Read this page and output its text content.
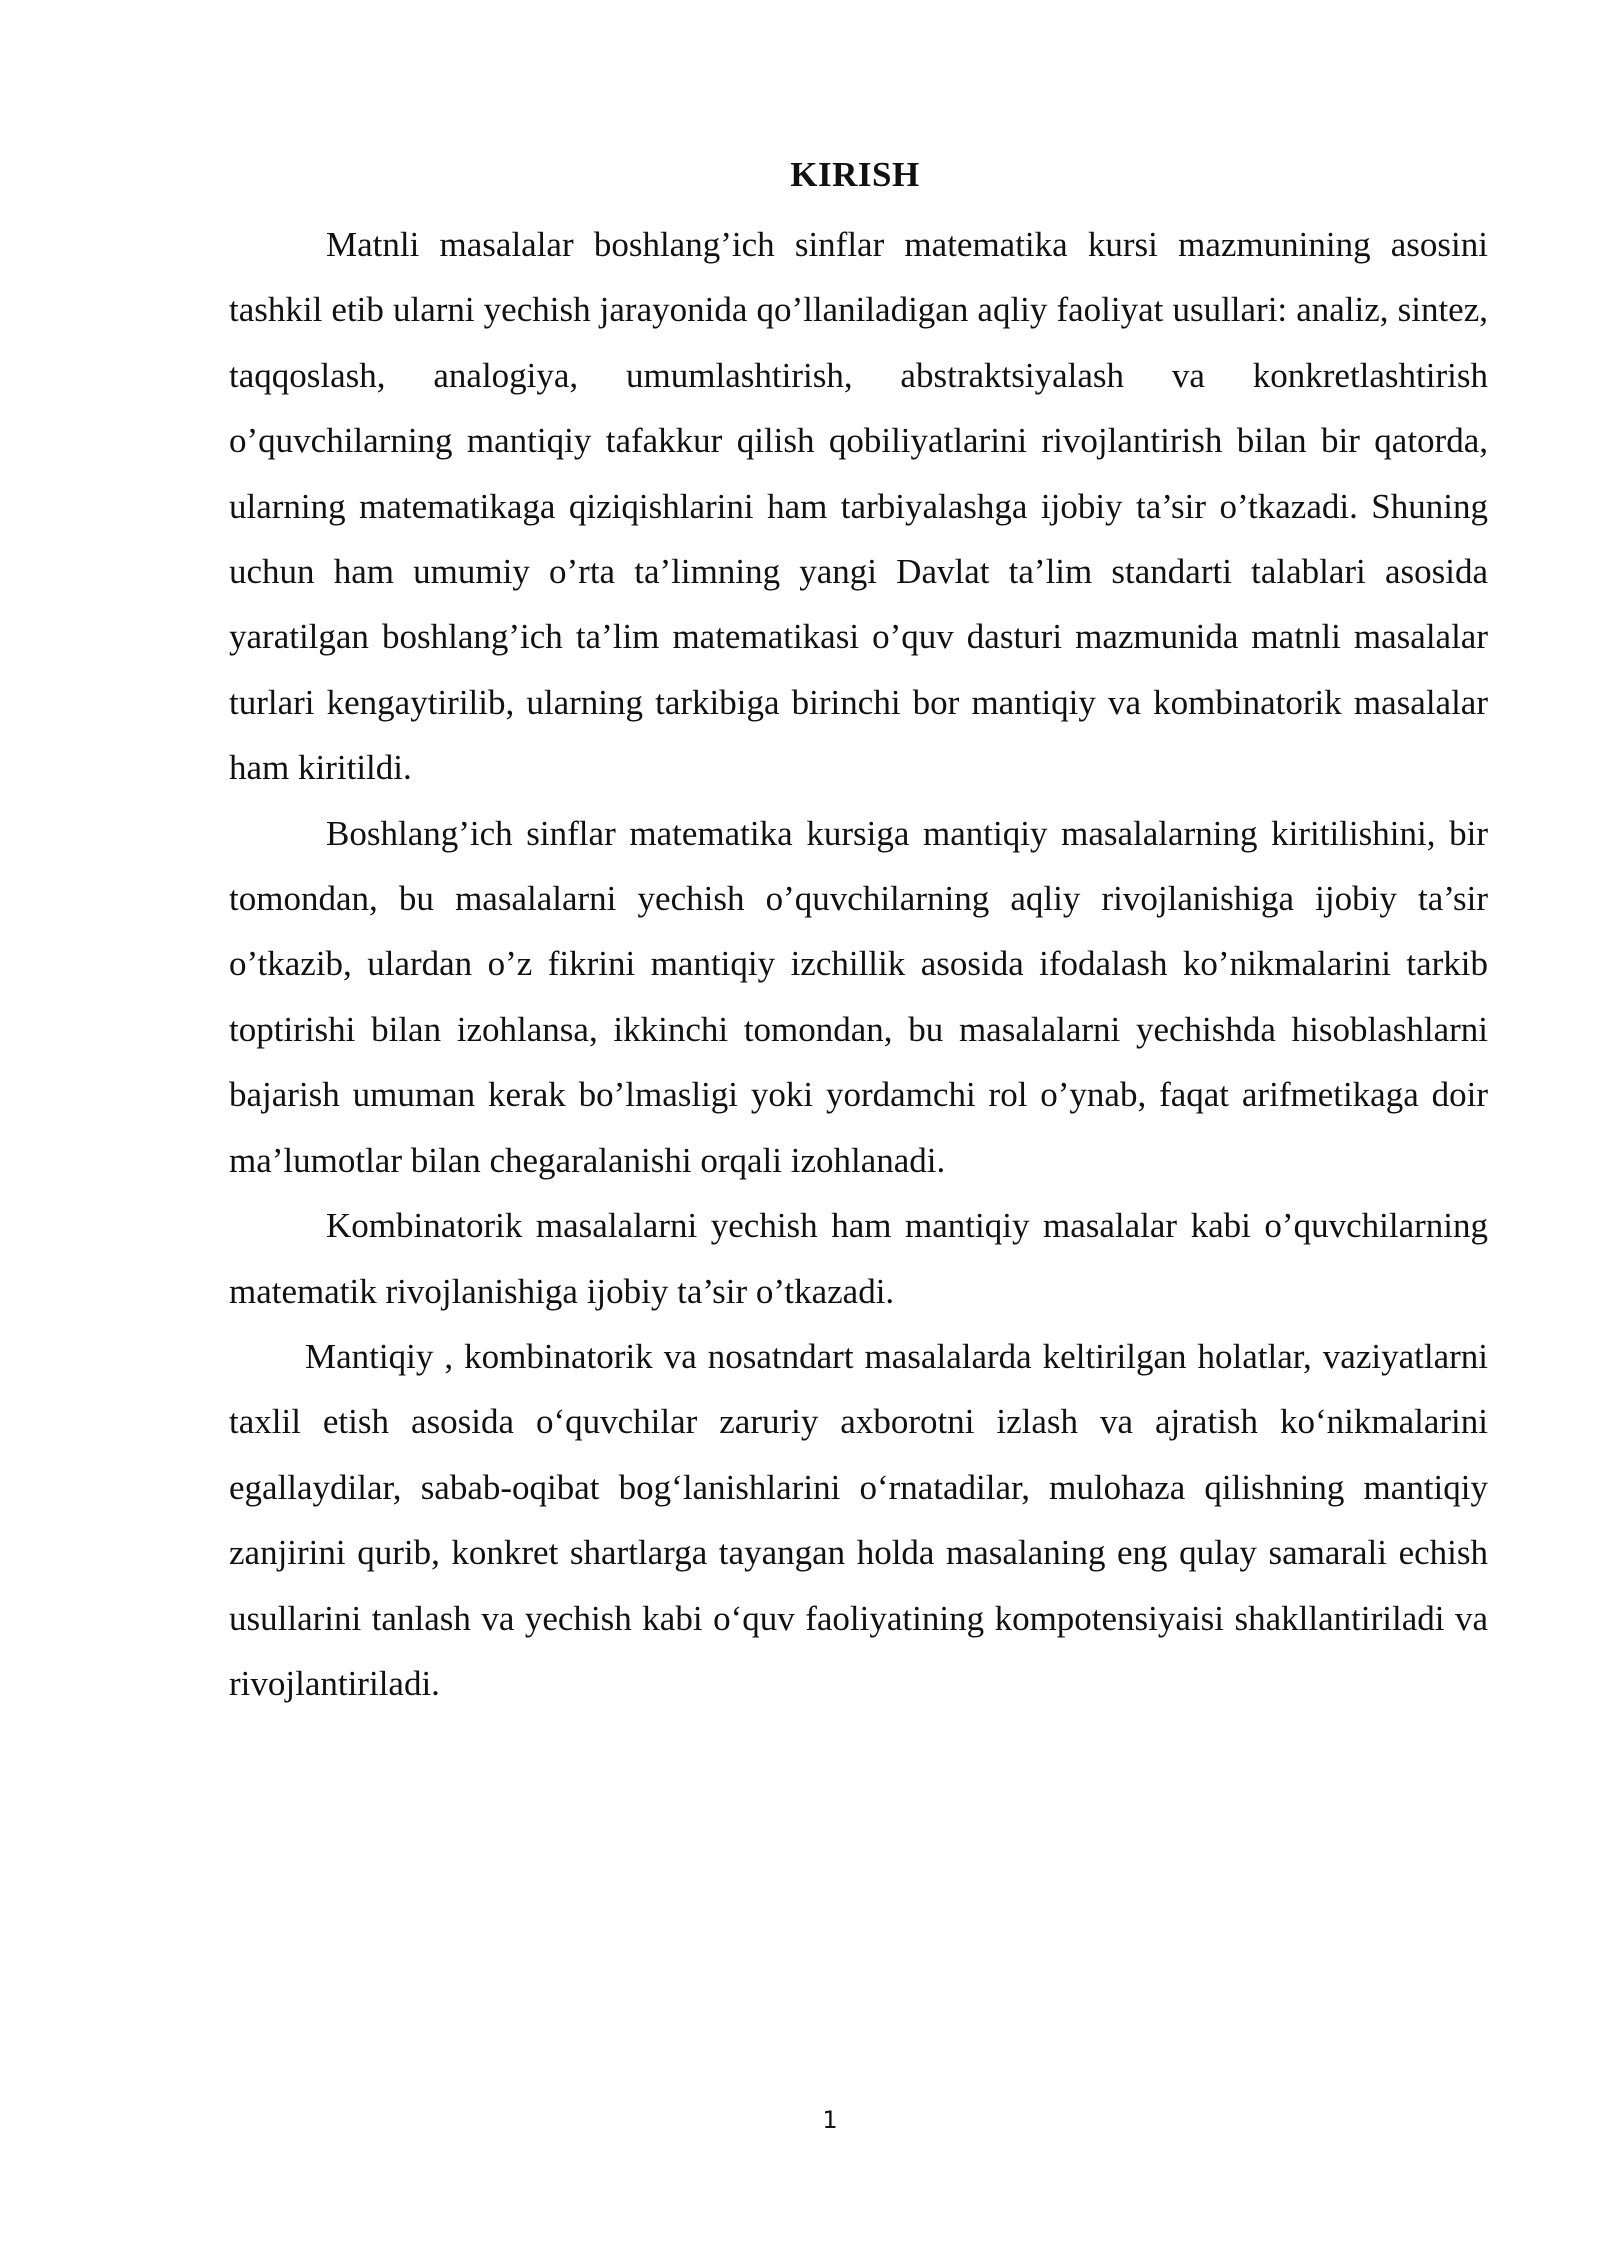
KIRISH

Matnli masalalar boshlang’ich sinflar matematika kursi mazmunining asosini tashkil etib ularni yechish jarayonida qo’llaniladigan aqliy faoliyat usullari: analiz, sintez, taqqoslash, analogiya, umumlashtirish, abstraktsiyalash va konkretlashtirish o’quvchilarning mantiqiy tafakkur qilish qobiliyatlarini rivojlantirish bilan bir qatorda, ularning matematikaga qiziqishlarini ham tarbiyalashga ijobiy ta’sir o’tkazadi. Shuning uchun ham umumiy o’rta ta’limning yangi Davlat ta’lim standarti talablari asosida yaratilgan boshlang’ich ta’lim matematikasi o’quv dasturi mazmunida matnli masalalar turlari kengaytirilib, ularning tarkibiga birinchi bor mantiqiy va kombinatorik masalalar ham kiritildi.

Boshlang’ich sinflar matematika kursiga mantiqiy masalalarning kiritilishini, bir tomondan, bu masalalarni yechish o’quvchilarning aqliy rivojlanishiga ijobiy ta’sir o’tkazib, ulardan o’z fikrini mantiqiy izchillik asosida ifodalash ko’nikmalarini tarkib toptirishi bilan izohlansa, ikkinchi tomondan, bu masalalarni yechishda hisoblashlarni bajarish umuman kerak bo’lmasligi yoki yordamchi rol o’ynab, faqat arifmetikaga doir ma’lumotlar bilan chegaralanishi orqali izohlanadi.

Kombinatorik masalalarni yechish ham mantiqiy masalalar kabi o’quvchilarning matematik rivojlanishiga ijobiy ta’sir o’tkazadi.

Mantiqiy , kombinatorik va nosatndart masalalarda keltirilgan holatlar, vaziyatlarni taxlil etish asosida o‘quvchilar zaruriy axborotni izlash va ajratish ko‘nikmalarini egallaydilar, sabab-oqibat bog‘lanishlarini o‘rnatadilar, mulohaza qilishning mantiqiy zanjirini qurib, konkret shartlarga tayangan holda masalaning eng qulay samarali echish usullarini tanlash va yechish kabi o‘quv faoliyatining kompotensiyaisi shakllantiriladi va rivojlantiriladi.

1
